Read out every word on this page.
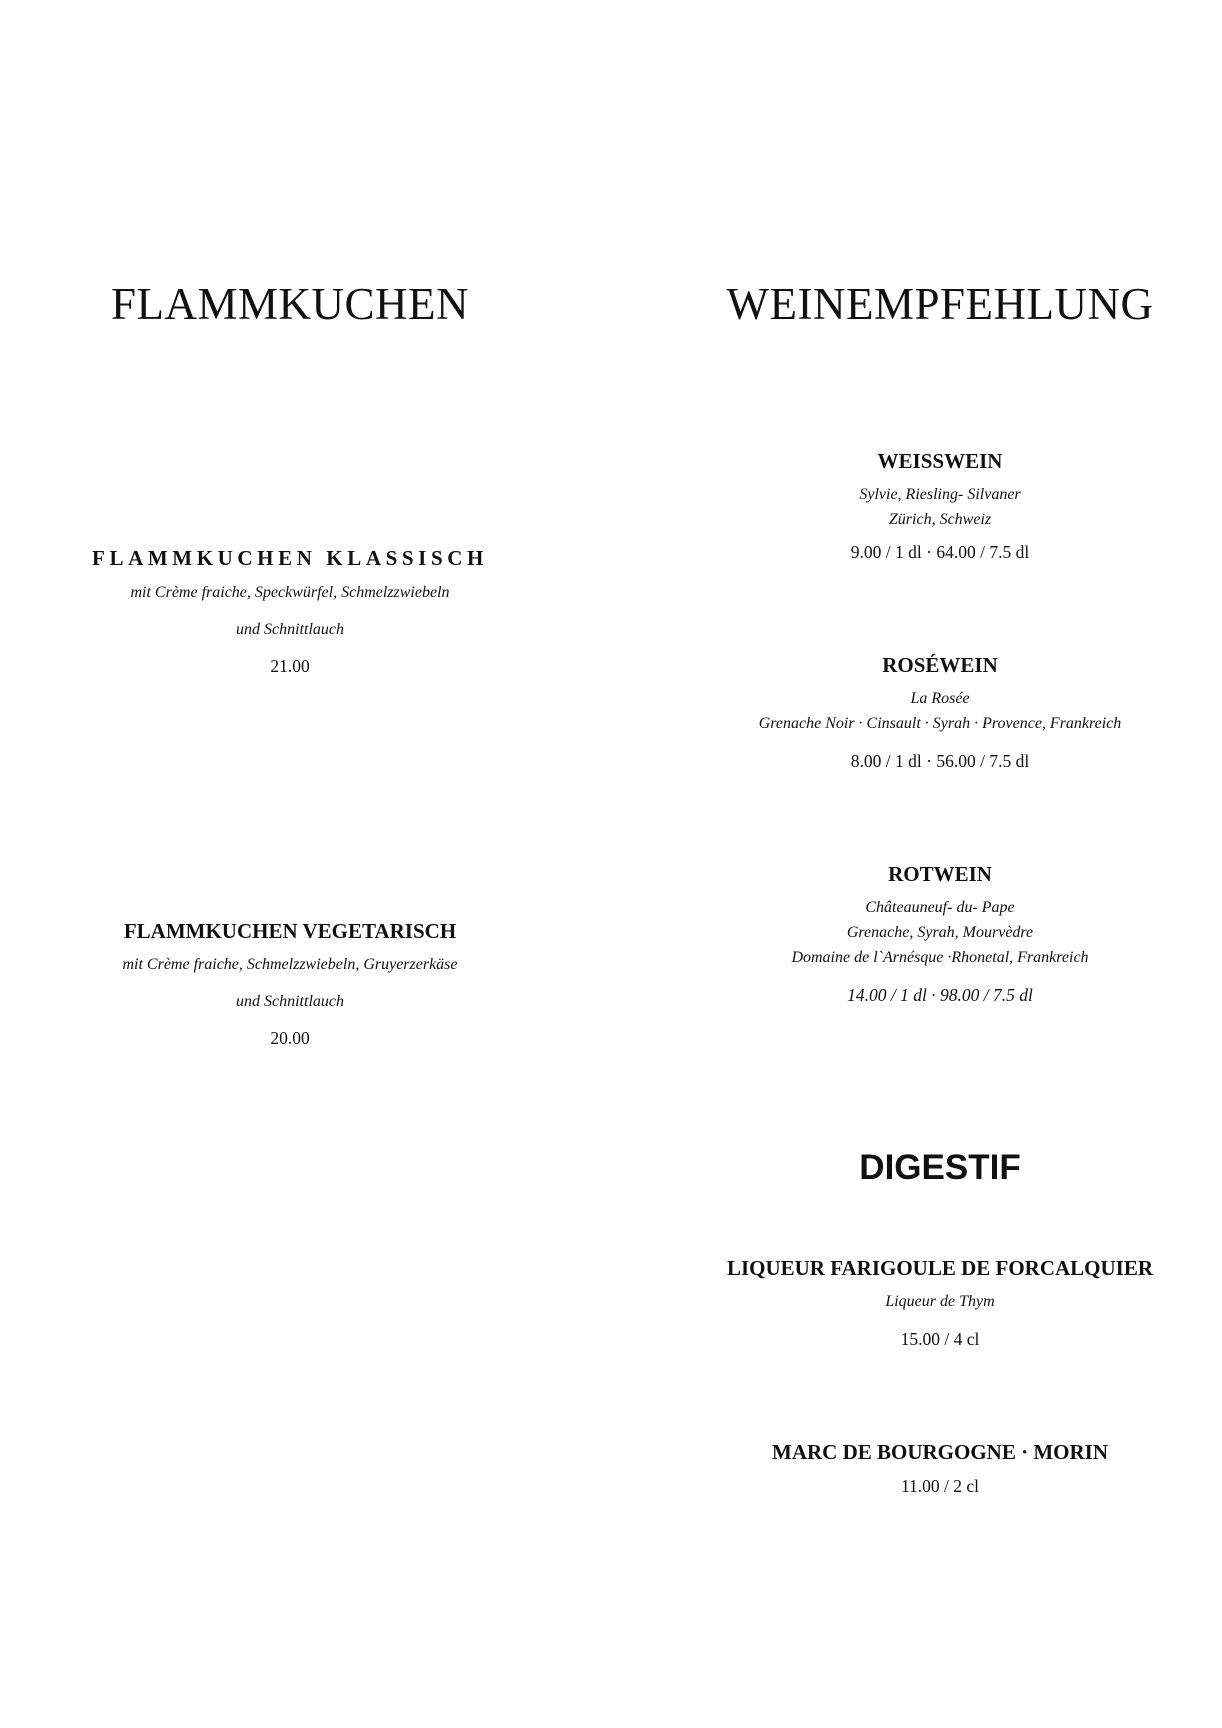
FLAMMKUCHEN
FLAMMKUCHEN KLASSISCH
mit Crème fraiche, Speckwürfel, Schmelzzwiebeln
und Schnittlauch
21.00
FLAMMKUCHEN VEGETARISCH
mit Crème fraiche, Schmelzzwiebeln, Gruyerzerkäse
und Schnittlauch
20.00
WEINEMPFEHLUNG
WEISSWEIN
Sylvie, Riesling- Silvaner
Zürich, Schweiz
9.00 / 1 dl · 64.00 / 7.5 dl
ROSÉWEIN
La Rosée
Grenache Noir · Cinsault · Syrah · Provence, Frankreich
8.00 / 1 dl · 56.00 / 7.5 dl
ROTWEIN
Châteauneuf- du- Pape
Grenache, Syrah, Mourvèdre
Domaine de l`Arnésque ·Rhonetal, Frankreich
14.00 / 1 dl · 98.00 / 7.5 dl
DIGESTIF
LIQUEUR FARIGOULE DE FORCALQUIER
Liqueur de Thym
15.00 / 4 cl
MARC DE BOURGOGNE · MORIN
11.00 / 2 cl
